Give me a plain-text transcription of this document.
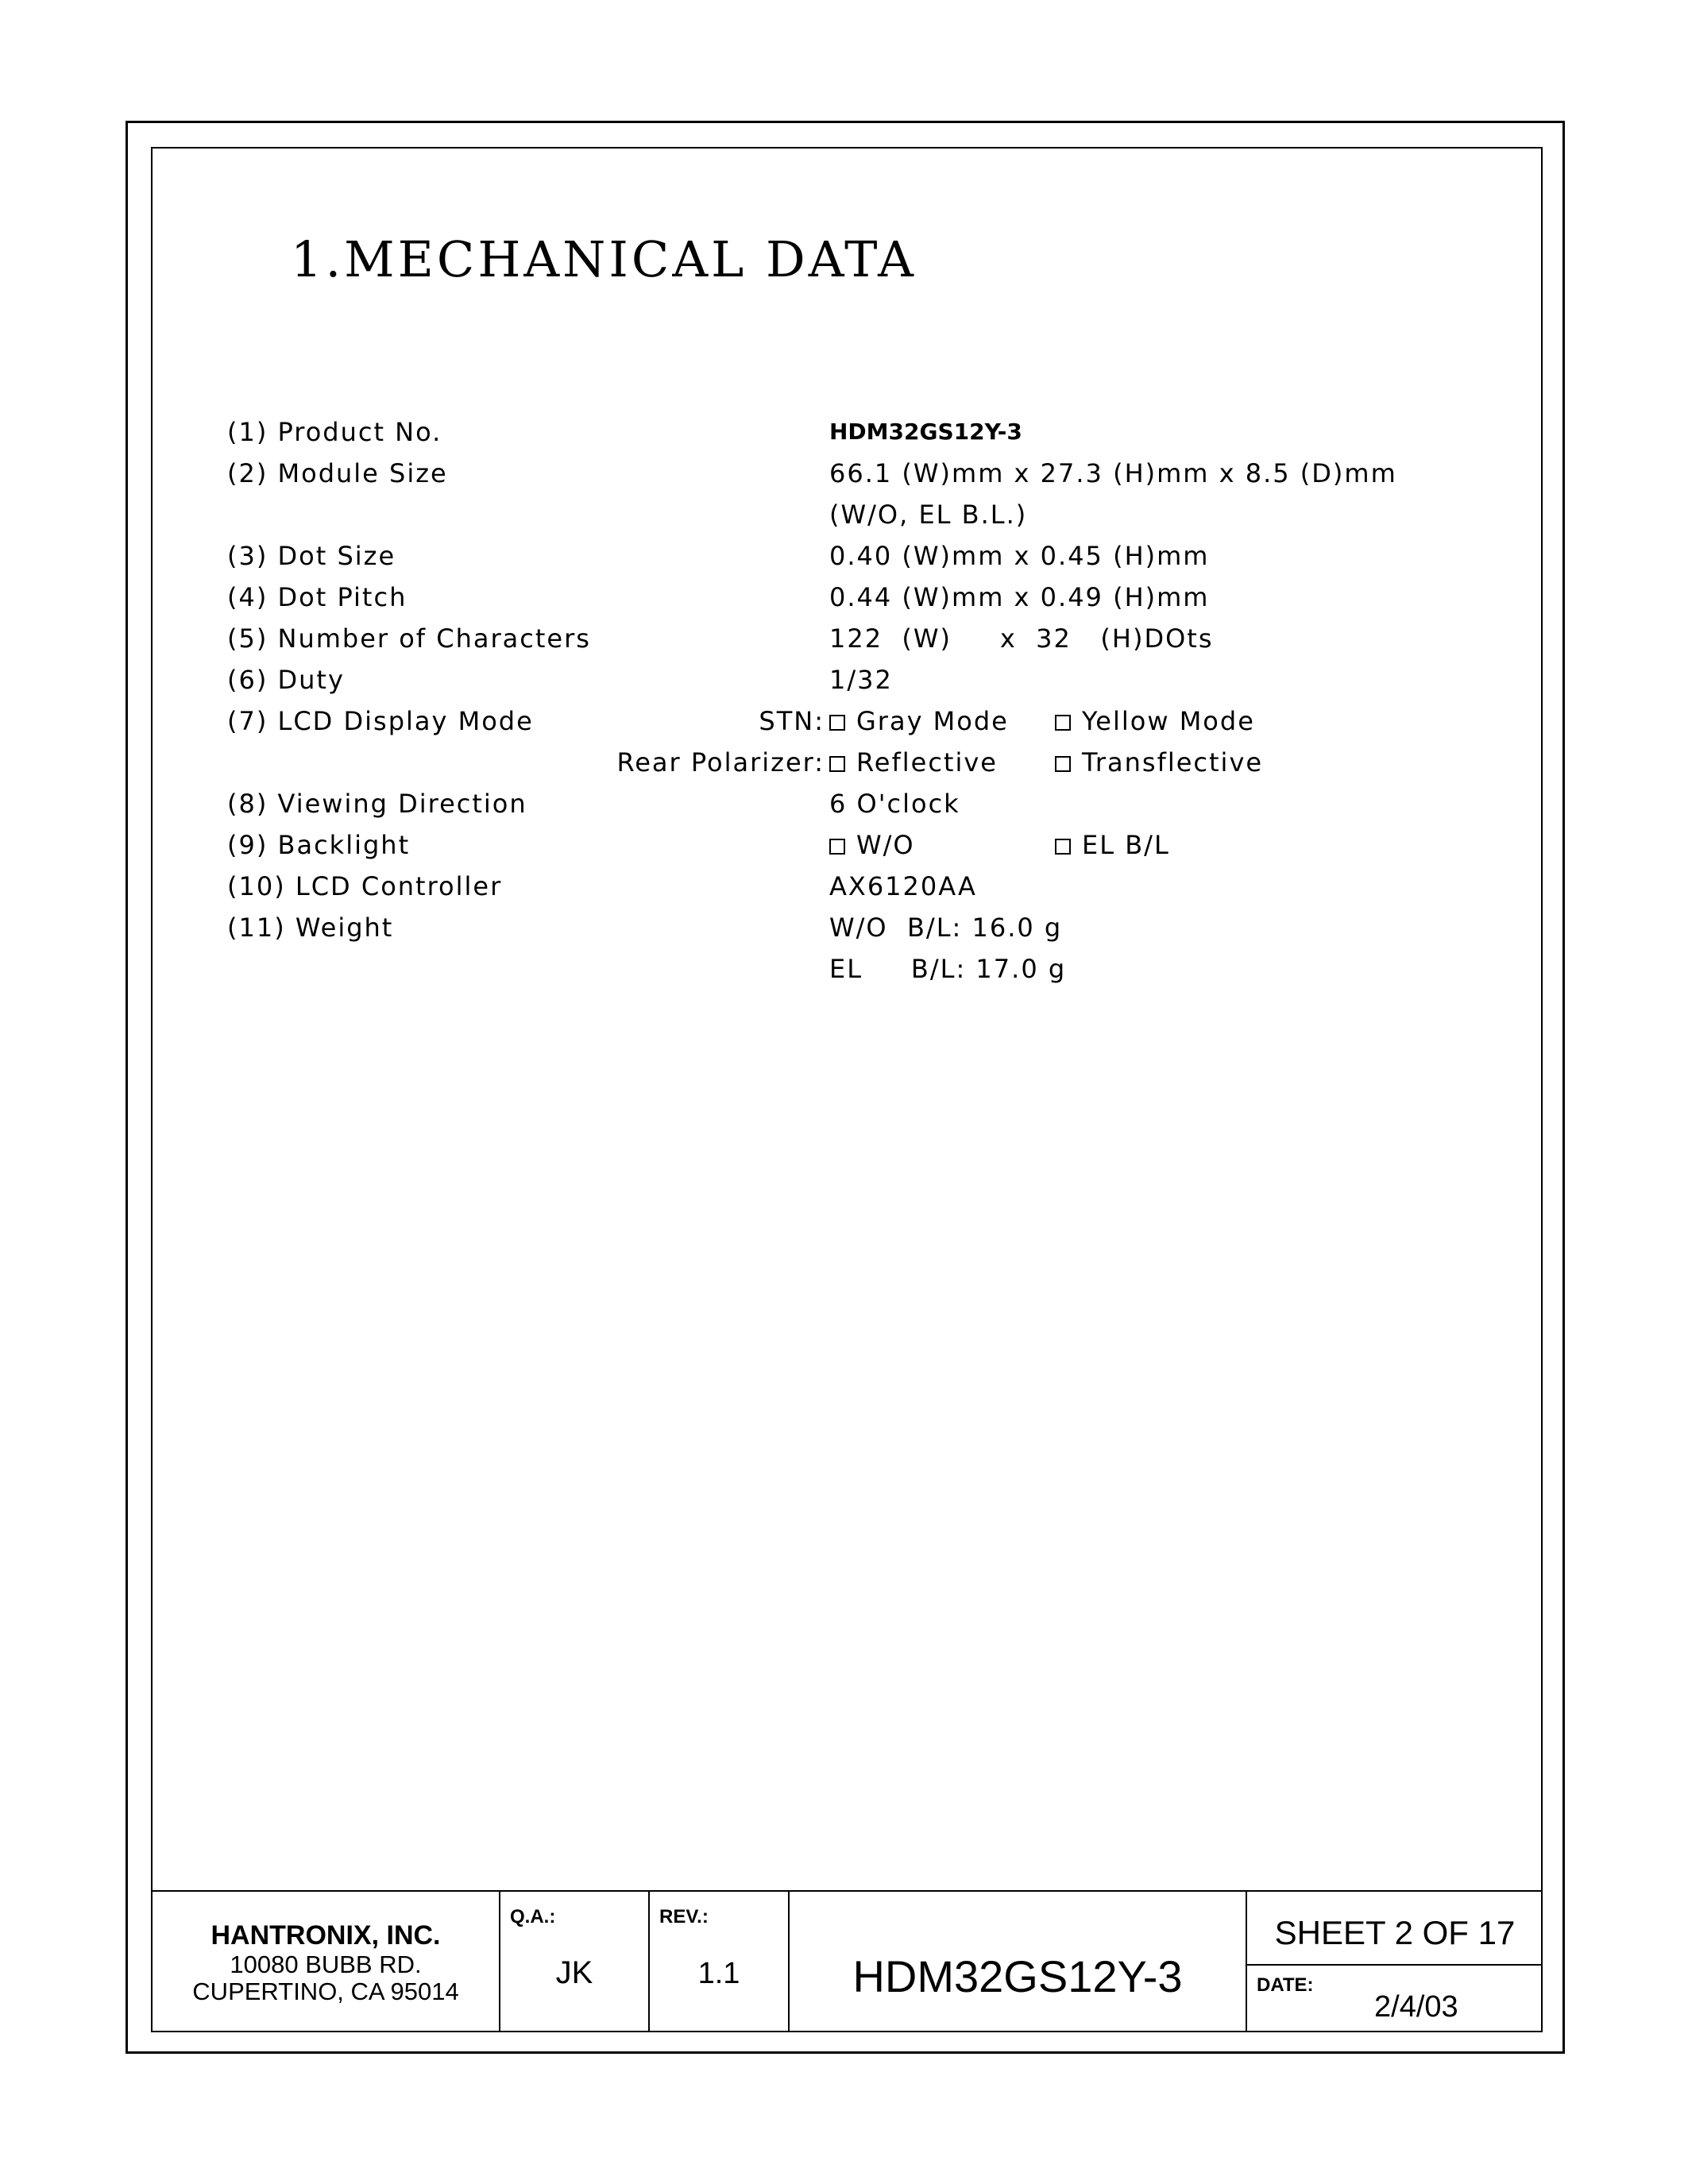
1.MECHANICAL DATA
(1) Product No.	HDM32GS12Y-3
(2) Module Size	66.1 (W)mm x 27.3 (H)mm x 8.5 (D)mm
(W/O, EL B.L.)
(3) Dot Size	0.40 (W)mm x 0.45 (H)mm
(4) Dot Pitch	0.44 (W)mm x 0.49 (H)mm
(5) Number of Characters	122  (W)     x  32   (H)DOts
(6) Duty	1/32
(7) LCD Display Mode	STN:	Gray Mode	Yellow Mode
Rear Polarizer:	Reflective	Transflective
(8) Viewing Direction	6 O'clock
(9) Backlight	W/O	EL B/L
(10) LCD Controller	AX6120AA
(11) Weight	W/O  B/L: 16.0 g
EL     B/L: 17.0 g
HANTRONIX, INC.
10080 BUBB RD.
CUPERTINO, CA 95014
Q.A.:
JK
REV.:
1.1	HDM32GS12Y-3
SHEET 2 OF 17
DATE:
2/4/03
